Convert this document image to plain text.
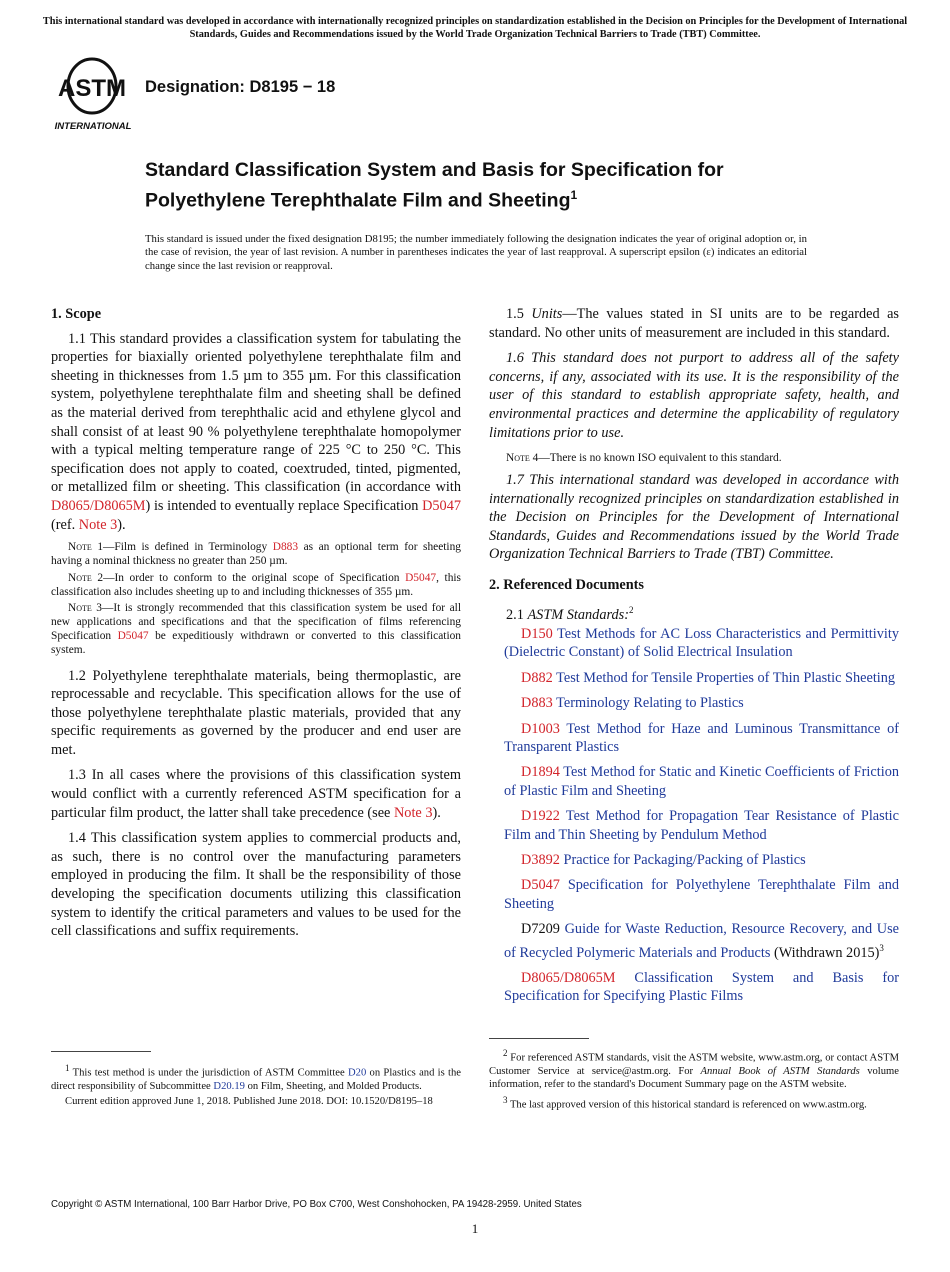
This international standard was developed in accordance with internationally recognized principles on standardization established in the Decision on Principles for the Development of International Standards, Guides and Recommendations issued by the World Trade Organization Technical Barriers to Trade (TBT) Committee.
ASTM
INTERNATIONAL
Designation: D8195 − 18
Standard Classification System and Basis for Specification for
Polyethylene Terephthalate Film and Sheeting$^1$
This standard is issued under the fixed designation D8195; the number immediately following the designation indicates the year of original adoption or, in the case of revision, the year of last revision. A number in parentheses indicates the year of last reapproval. A superscript epsilon (ε) indicates an editorial change since the last revision or reapproval.
1. Scope

1.1 This standard provides a classification system for tabulating the properties for biaxially oriented polyethylene terephthalate film and sheeting in thicknesses from 1.5 µm to 355 µm. For this classification system, polyethylene terephthalate film and sheeting shall be defined as the material derived from terephthalic acid and ethylene glycol and shall consist of at least 90 % polyethylene terephthalate homopolymer with a typical melting temperature range of 225 °C to 250 °C. This specification does not apply to coated, coextruded, tinted, pigmented, or metallized film or sheeting. This classification (in accordance with D8065/D8065M) is intended to eventually replace Specification D5047 (ref. Note 3).

Note 1—Film is defined in Terminology D883 as an optional term for sheeting having a nominal thickness no greater than 250 µm.

Note 2—In order to conform to the original scope of Specification D5047, this classification also includes sheeting up to and including thicknesses of 355 µm.

Note 3—It is strongly recommended that this classification system be used for all new applications and specifications and that the specification of films referencing Specification D5047 be expeditiously withdrawn or converted to this classification system.

1.2 Polyethylene terephthalate materials, being thermoplastic, are reprocessable and recyclable. This specification allows for the use of those polyethylene terephthalate plastic materials, provided that any specific requirements as governed by the producer and end user are met.

1.3 In all cases where the provisions of this classification system would conflict with a currently referenced ASTM specification for a particular film product, the latter shall take precedence (see Note 3).

1.4 This classification system applies to commercial products and, as such, there is no control over the manufacturing parameters employed in producing the film. It shall be the responsibility of those developing the specification documents utilizing this classification system to identify the critical parameters and values to be used for the cell classifications and suffix requirements.

1.5 Units—The values stated in SI units are to be regarded as standard. No other units of measurement are included in this standard.

1.6 This standard does not purport to address all of the safety concerns, if any, associated with its use. It is the responsibility of the user of this standard to establish appropriate safety, health, and environmental practices and determine the applicability of regulatory limitations prior to use.

Note 4—There is no known ISO equivalent to this standard.

1.7 This international standard was developed in accordance with internationally recognized principles on standardization established in the Decision on Principles for the Development of International Standards, Guides and Recommendations issued by the World Trade Organization Technical Barriers to Trade (TBT) Committee.

2. Referenced Documents

2.1 ASTM Standards:$^2$

D150 Test Methods for AC Loss Characteristics and Permittivity (Dielectric Constant) of Solid Electrical Insulation

D882 Test Method for Tensile Properties of Thin Plastic Sheeting

D883 Terminology Relating to Plastics

D1003 Test Method for Haze and Luminous Transmittance of Transparent Plastics

D1894 Test Method for Static and Kinetic Coefficients of Friction of Plastic Film and Sheeting

D1922 Test Method for Propagation Tear Resistance of Plastic Film and Thin Sheeting by Pendulum Method

D3892 Practice for Packaging/Packing of Plastics

D5047 Specification for Polyethylene Terephthalate Film and Sheeting

D7209 Guide for Waste Reduction, Resource Recovery, and Use of Recycled Polymeric Materials and Products (Withdrawn 2015)$^3$

D8065/D8065M Classification System and Basis for Specification for Specifying Plastic Films

$^1$ This test method is under the jurisdiction of ASTM Committee D20 on Plastics and is the direct responsibility of Subcommittee D20.19 on Film, Sheeting, and Molded Products.

Current edition approved June 1, 2018. Published June 2018. DOI: 10.1520/D8195–18

$^2$ For referenced ASTM standards, visit the ASTM website, www.astm.org, or contact ASTM Customer Service at service@astm.org. For Annual Book of ASTM Standards volume information, refer to the standard's Document Summary page on the ASTM website.

$^3$ The last approved version of this historical standard is referenced on www.astm.org.

Copyright © ASTM International, 100 Barr Harbor Drive, PO Box C700, West Conshohocken, PA 19428-2959. United States
1
